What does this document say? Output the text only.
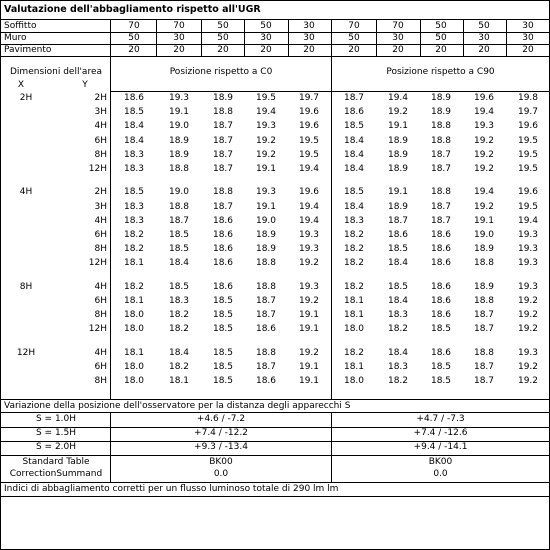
Valutazione dell'abbagliamento rispetto all'UGR
Soffitto	70	70	50	50	30	70	70	50	50	30
Muro	50	30	50	30	30	50	30	50	30	30
Pavimento	20	20	20	20	20	20	20	20	20	20
Dimensioni dell'area
X	Y
Posizione rispetto a C0	Posizione rispetto a C90
2H	2H	18.6	19.3	18.9	19.5	19.7	18.7	19.4	18.9	19.6	19.8
3H	18.5	19.1	18.8	19.4	19.6	18.6	19.2	18.9	19.4	19.7
4H	18.4	19.0	18.7	19.3	19.6	18.5	19.1	18.8	19.3	19.6
6H	18.4	18.9	18.7	19.2	19.5	18.4	18.9	18.8	19.2	19.5
8H	18.3	18.9	18.7	19.2	19.5	18.4	18.9	18.7	19.2	19.5
12H	18.3	18.8	18.7	19.1	19.4	18.4	18.9	18.7	19.2	19.5
4H	2H	18.5	19.0	18.8	19.3	19.6	18.5	19.1	18.8	19.4	19.6
3H	18.3	18.8	18.7	19.1	19.4	18.4	18.9	18.7	19.2	19.5
4H	18.3	18.7	18.6	19.0	19.4	18.3	18.7	18.7	19.1	19.4
6H	18.2	18.5	18.6	18.9	19.3	18.2	18.6	18.6	19.0	19.3
8H	18.2	18.5	18.6	18.9	19.3	18.2	18.5	18.6	18.9	19.3
12H	18.1	18.4	18.6	18.8	19.2	18.2	18.4	18.6	18.8	19.3
8H	4H	18.2	18.5	18.6	18.8	19.3	18.2	18.5	18.6	18.9	19.3
6H	18.1	18.3	18.5	18.7	19.2	18.1	18.4	18.6	18.8	19.2
8H	18.0	18.2	18.5	18.7	19.1	18.1	18.3	18.6	18.7	19.2
12H	18.0	18.2	18.5	18.6	19.1	18.0	18.2	18.5	18.7	19.2
12H	4H	18.1	18.4	18.5	18.8	19.2	18.2	18.4	18.6	18.8	19.3
6H	18.0	18.2	18.5	18.7	19.1	18.1	18.3	18.5	18.7	19.2
8H	18.0	18.1	18.5	18.6	19.1	18.0	18.2	18.5	18.7	19.2
Variazione della posizione dell'osservatore per la distanza degli apparecchi S
S = 1.0H	+4.6 / -7.2	+4.7 / -7.3
S = 1.5H	+7.4 / -12.2	+7.4 / -12.6
S = 2.0H	+9.3 / -13.4	+9.4 / -14.1
Standard Table	BK00	BK00
CorrectionSummand	0.0	0.0
Indici di abbagliamento corretti per un flusso luminoso totale di 290 lm lm
